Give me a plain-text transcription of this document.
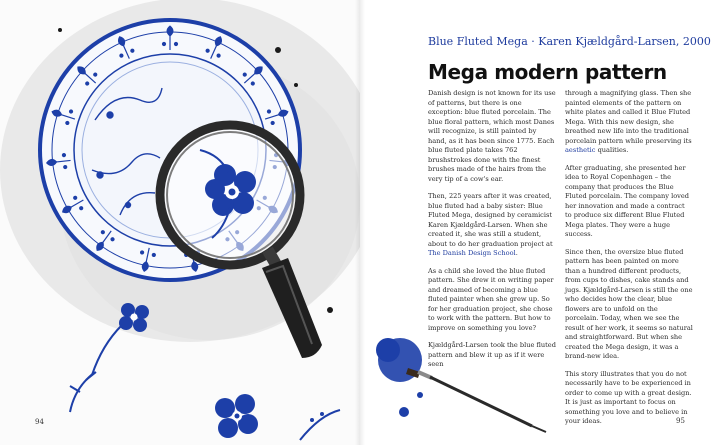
94
Blue Fluted Mega · Karen Kjældgård-Larsen, 2000
Mega modern pattern

Danish design is not known for its use of patterns, but there is one exception: blue fluted porcelain. The blue floral pattern, which most Danes will recognize, is still painted by hand, as it has been since 1775. Each blue fluted plate takes 762 brushstrokes done with the finest brushes made of the hairs from the very tip of a cow's ear.

Then, 225 years after it was created, blue fluted had a baby sister: Blue Fluted Mega, designed by ceramicist Karen Kjældgård-Larsen. When she created it, she was still a student, about to do her graduation project at The Danish Design School.

As a child she loved the blue fluted pattern. She drew it on writing paper and dreamed of becoming a blue fluted painter when she grew up. So for her graduation project, she chose to work with the pattern. But how to improve on something you love?

Kjældgård-Larsen took the blue fluted pattern and blew it up as if it were seen

through a magnifying glass. Then she painted elements of the pattern on white plates and called it Blue Fluted Mega. With this new design, she breathed new life into the traditional porcelain pattern while preserving its aesthetic qualities.

After graduating, she presented her idea to Royal Copenhagen – the company that produces the Blue Fluted porcelain. The company loved her innovation and made a contract to produce six different Blue Fluted Mega plates. They were a huge success.

Since then, the oversize blue fluted pattern has been painted on more than a hundred different products, from cups to dishes, cake stands and jugs. Kjældgård-Larsen is still the one who decides how the clear, blue flowers are to unfold on the porcelain. Today, when we see the result of her work, it seems so natural and straightforward. But when she created the Mega design, it was a brand-new idea.

This story illustrates that you do not necessarily have to be experienced in order to come up with a great design. It is just as important to focus on something you love and to believe in your ideas.	95
